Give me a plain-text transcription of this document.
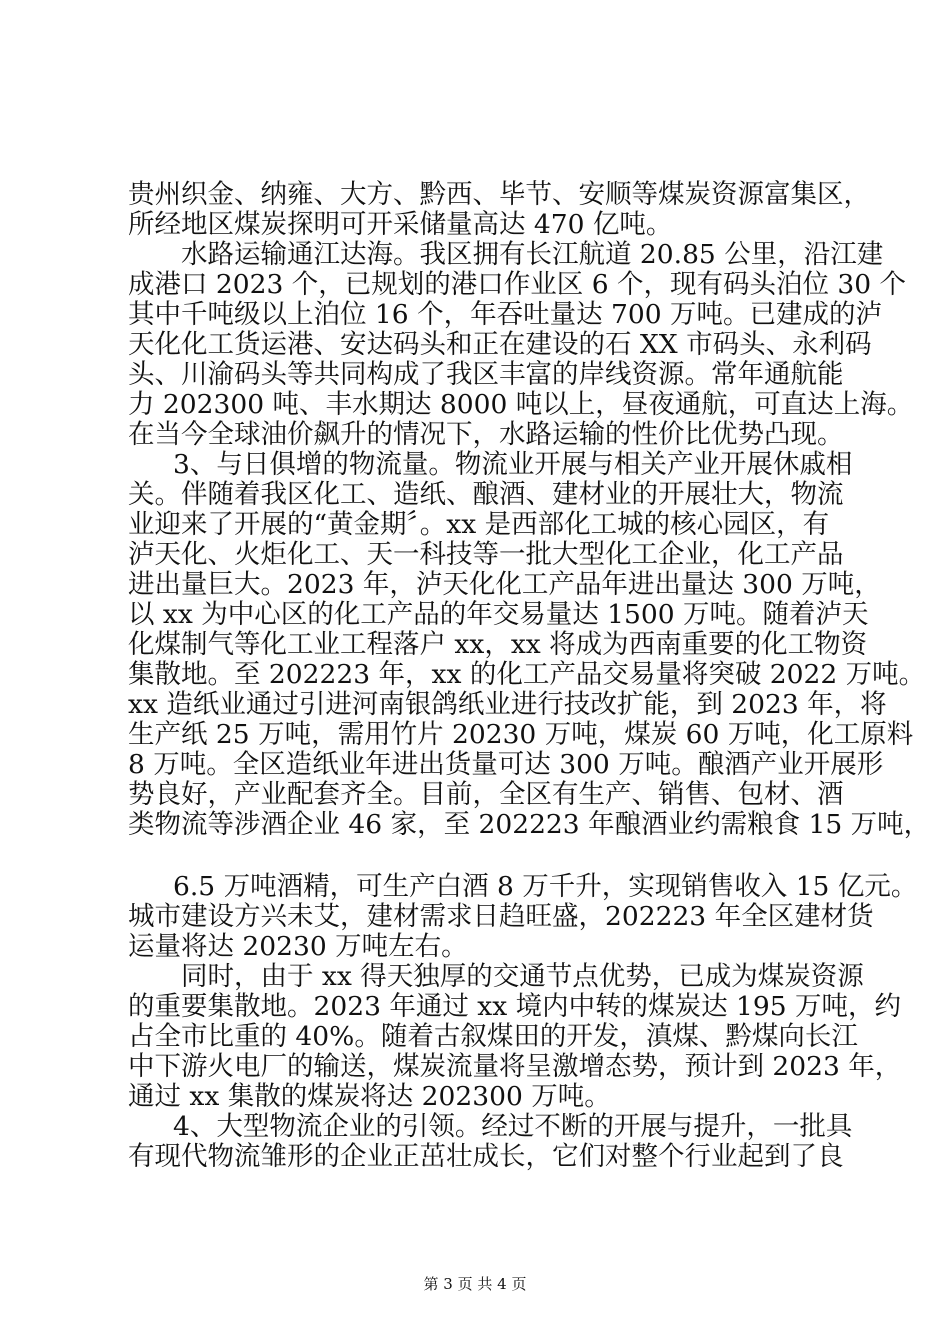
贵州织金、纳雍、大方、黔西、毕节、安顺等煤炭资源富集区，
所经地区煤炭探明可开采储量高达 470 亿吨。
水路运输通江达海。我区拥有长江航道 20.85 公里，沿江建
成港口 2023 个，已规划的港口作业区 6 个，现有码头泊位 30 个
其中千吨级以上泊位 16 个，年吞吐量达 700 万吨。已建成的泸
天化化工货运港、安达码头和正在建设的石 XX 市码头、永利码
头、川渝码头等共同构成了我区丰富的岸线资源。常年通航能
力 202300 吨、丰水期达 8000 吨以上，昼夜通航，可直达上海。
在当今全球油价飙升的情况下，水路运输的性价比优势凸现。
3、与日俱增的物流量。物流业开展与相关产业开展休戚相
关。伴随着我区化工、造纸、酿酒、建材业的开展壮大，物流
业迎来了开展的“黄金期〞。xx 是西部化工城的核心园区，有
泸天化、火炬化工、天一科技等一批大型化工企业，化工产品
进出量巨大。2023 年，泸天化化工产品年进出量达 300 万吨，
以 xx 为中心区的化工产品的年交易量达 1500 万吨。随着泸天
化煤制气等化工业工程落户 xx，xx 将成为西南重要的化工物资
集散地。至 202223 年，xx 的化工产品交易量将突破 2022 万吨。
xx 造纸业通过引进河南银鸽纸业进行技改扩能，到 2023 年，将
生产纸 25 万吨，需用竹片 20230 万吨，煤炭 60 万吨，化工原料
8 万吨。全区造纸业年进出货量可达 300 万吨。酿酒产业开展形
势良好，产业配套齐全。目前，全区有生产、销售、包材、酒
类物流等涉酒企业 46 家，至 202223 年酿酒业约需粮食 15 万吨，
6.5 万吨酒精，可生产白酒 8 万千升，实现销售收入 15 亿元。
城市建设方兴未艾，建材需求日趋旺盛，202223 年全区建材货
运量将达 20230 万吨左右。
同时，由于 xx 得天独厚的交通节点优势，已成为煤炭资源
的重要集散地。2023 年通过 xx 境内中转的煤炭达 195 万吨，约
占全市比重的 40%。随着古叙煤田的开发，滇煤、黔煤向长江
中下游火电厂的输送，煤炭流量将呈激增态势，预计到 2023 年，
通过 xx 集散的煤炭将达 202300 万吨。
4、大型物流企业的引领。经过不断的开展与提升，一批具
有现代物流雏形的企业正茁壮成长，它们对整个行业起到了良
第 3 页 共 4 页
